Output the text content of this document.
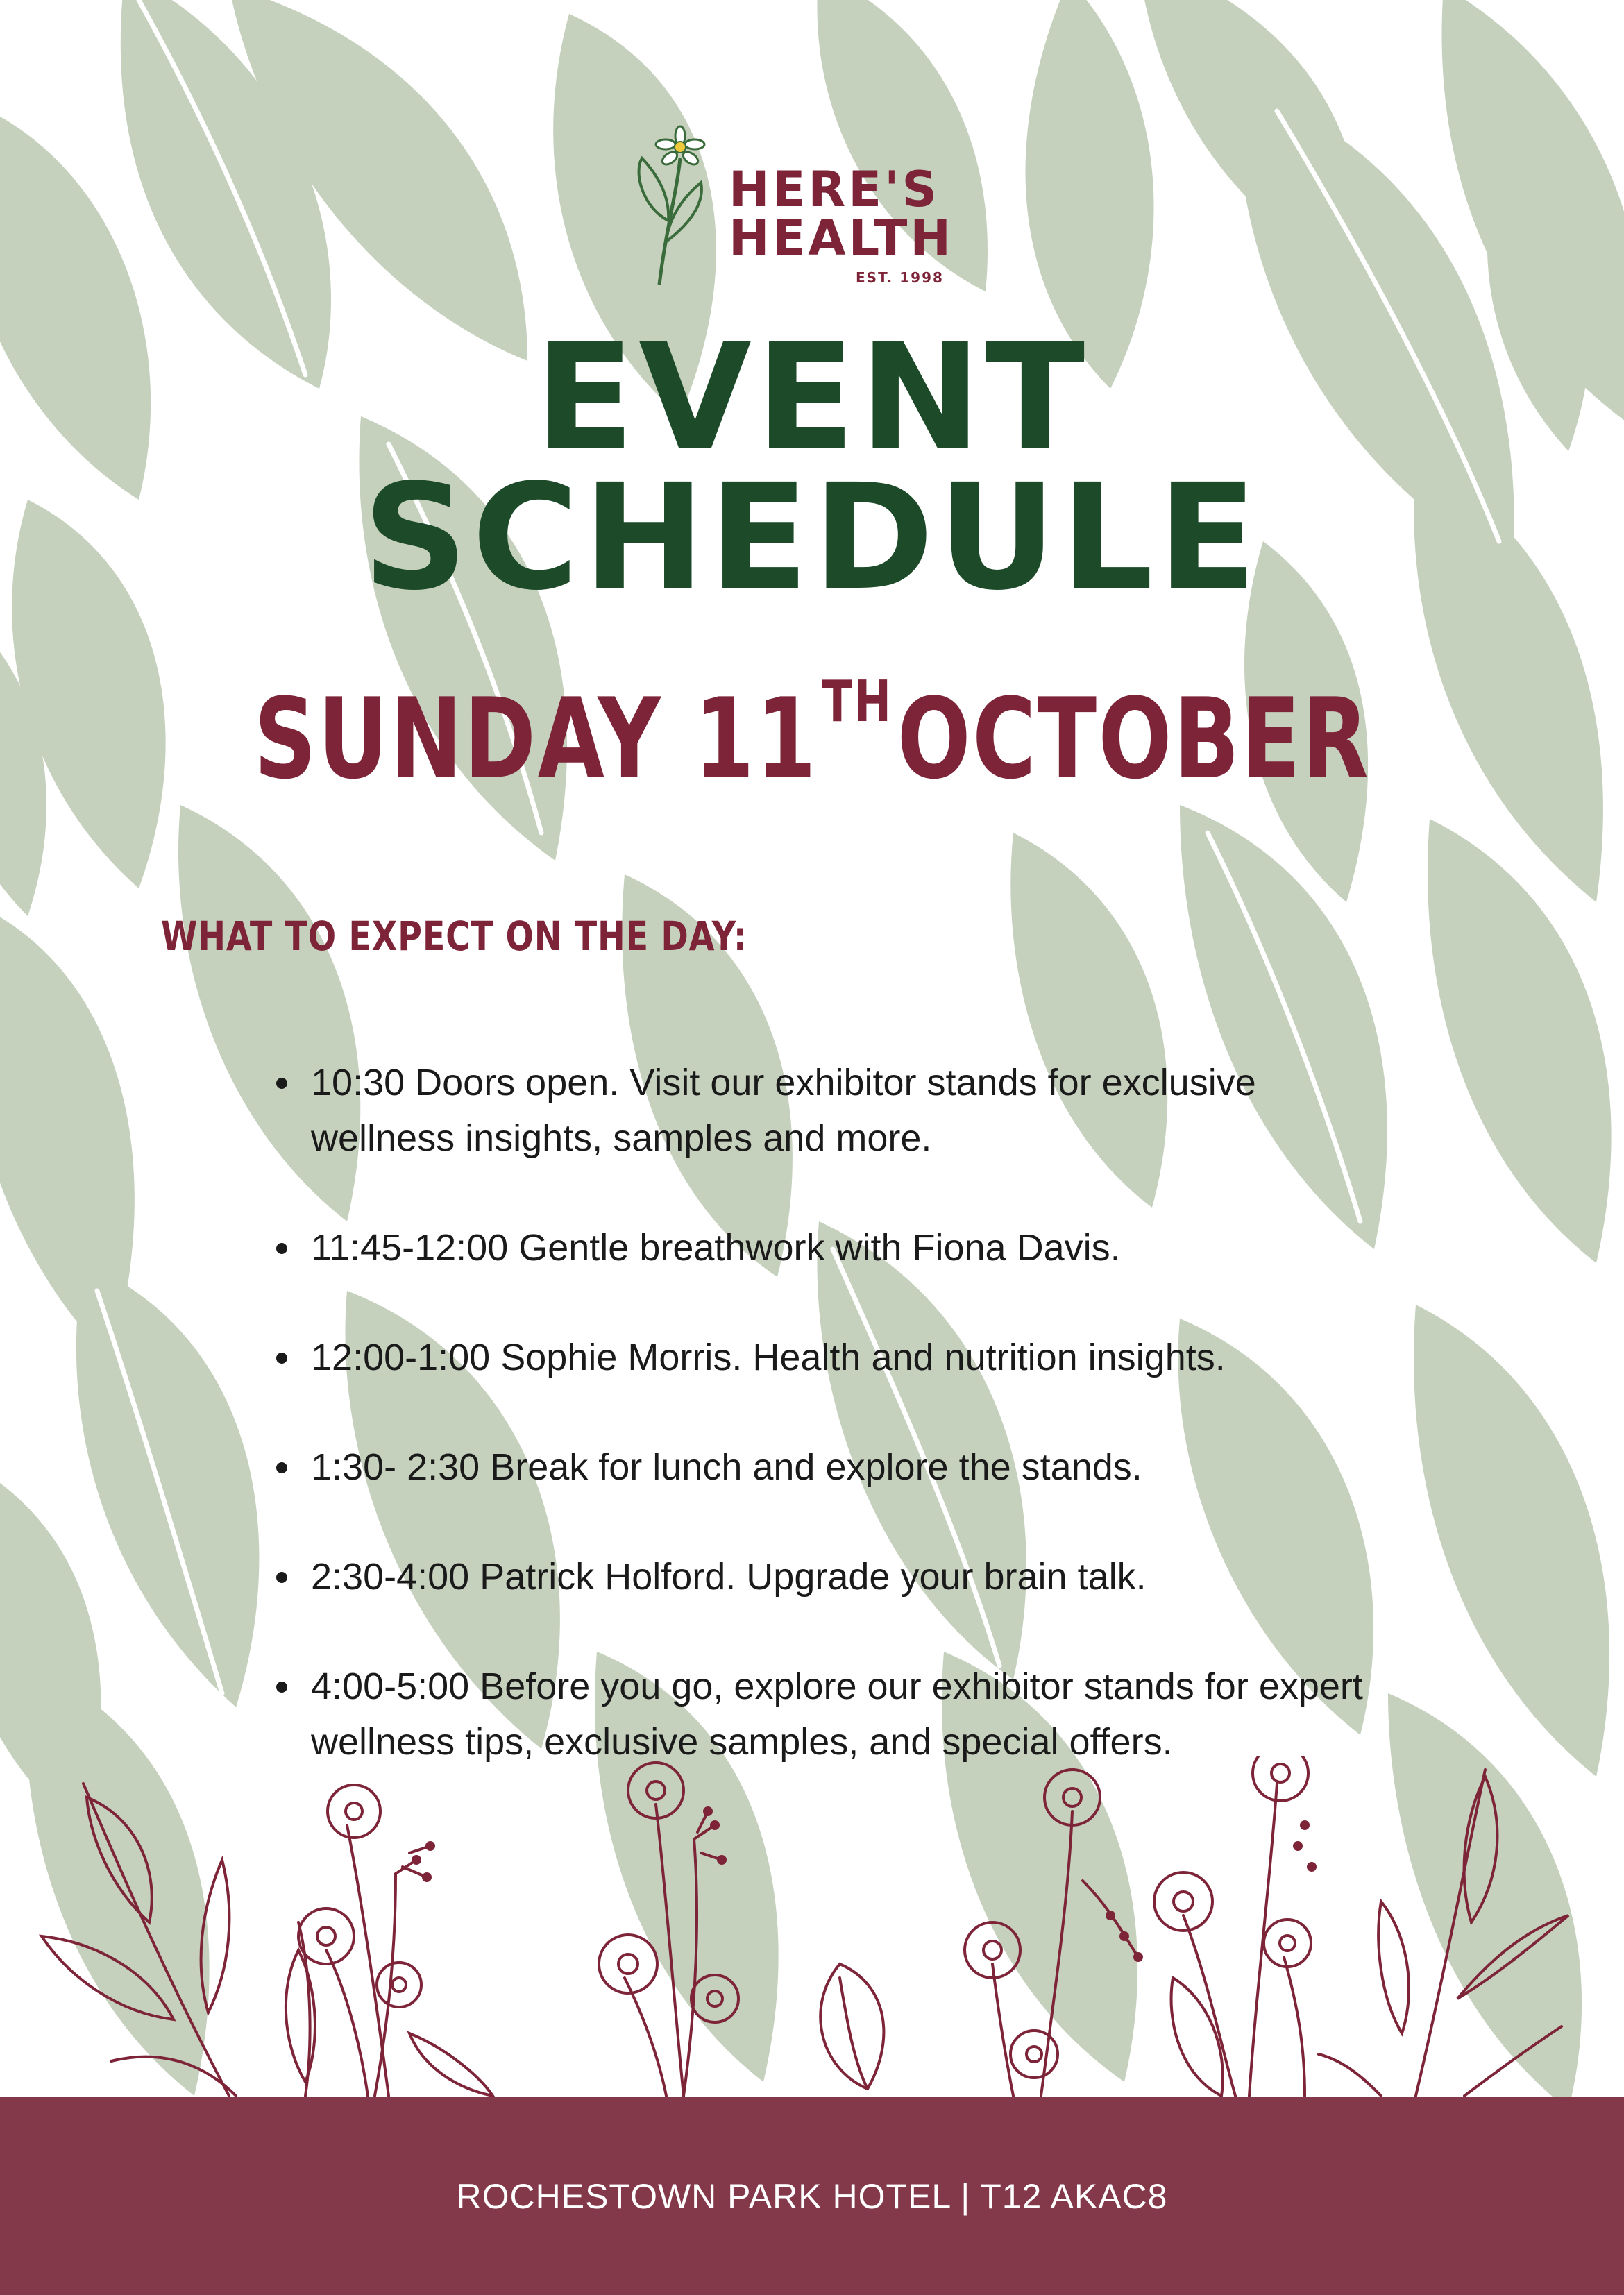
HERE'S
HEALTH
EST. 1998
EVENT
SCHEDULE
SUNDAY 11THOCTOBER
WHAT TO EXPECT ON THE DAY:
10:30 Doors open. Visit our exhibitor stands for exclusive wellness insights, samples and more.
11:45-12:00 Gentle breathwork with Fiona Davis.
12:00-1:00 Sophie Morris. Health and nutrition insights.
1:30- 2:30 Break for lunch and explore the stands.
2:30-4:00 Patrick Holford. Upgrade your brain talk.
4:00-5:00 Before you go, explore our exhibitor stands for expert wellness tips, exclusive samples, and special offers.
ROCHESTOWN PARK HOTEL | T12 AKAC8
